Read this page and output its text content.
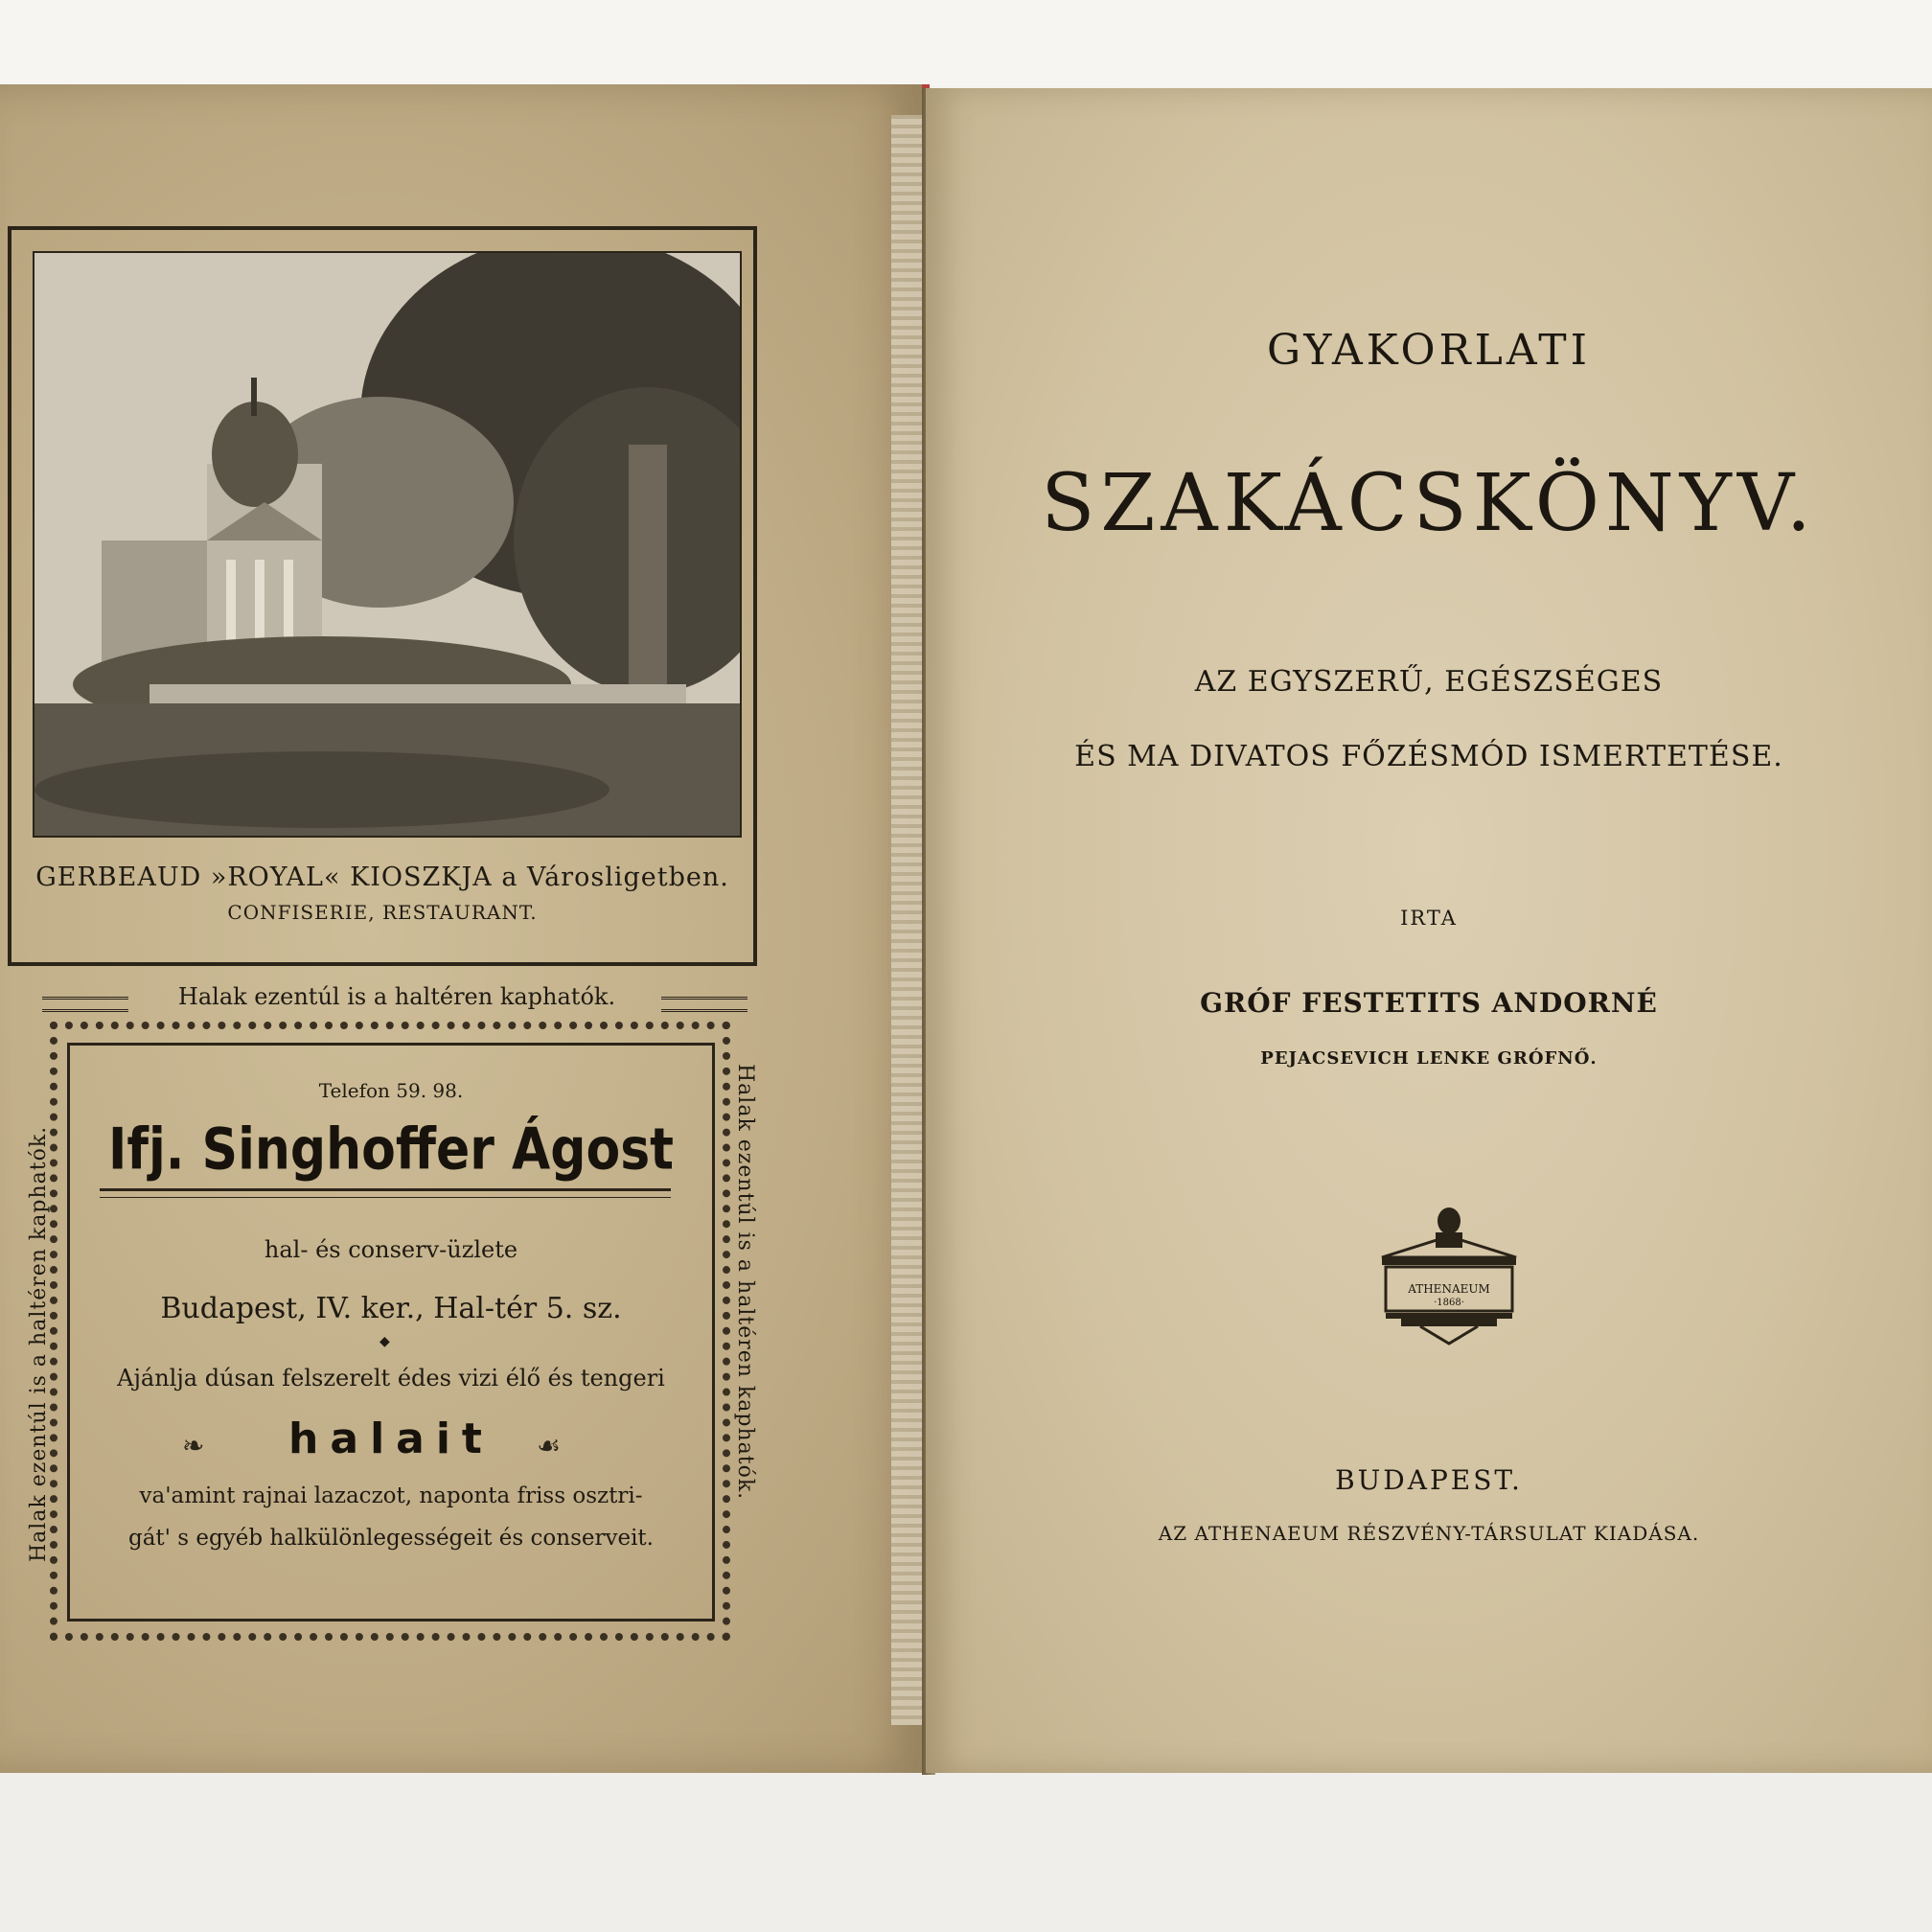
GERBEAUD »ROYAL« KIOSZKJA a Városligetben.
CONFISERIE, RESTAURANT.
Halak ezentúl is a haltéren kaphatók.
Halak ezentúl is a haltéren kaphatók.	Halak ezentúl is a haltéren kaphatók.
Telefon 59. 98.
Ifj. Singhoffer Ágost
hal- és conserv-üzlete
Budapest, IV. ker., Hal-tér 5. sz.
◆
Ajánlja dúsan felszerelt édes vizi élő és tengeri
❧	halait	☙
va'amint rajnai lazaczot, naponta friss osztri-
gát' s egyéb halkülönlegességeit és conserveit.
GYAKORLATI
SZAKÁCSKÖNYV.
AZ EGYSZERŰ, EGÉSZSÉGES
ÉS MA DIVATOS FŐZÉSMÓD ISMERTETÉSE.
IRTA
GRÓF FESTETITS ANDORNÉ
PEJACSEVICH LENKE GRÓFNŐ.
ATHENAEUM
·1868·
BUDAPEST.
AZ ATHENAEUM RÉSZVÉNY-TÁRSULAT KIADÁSA.
